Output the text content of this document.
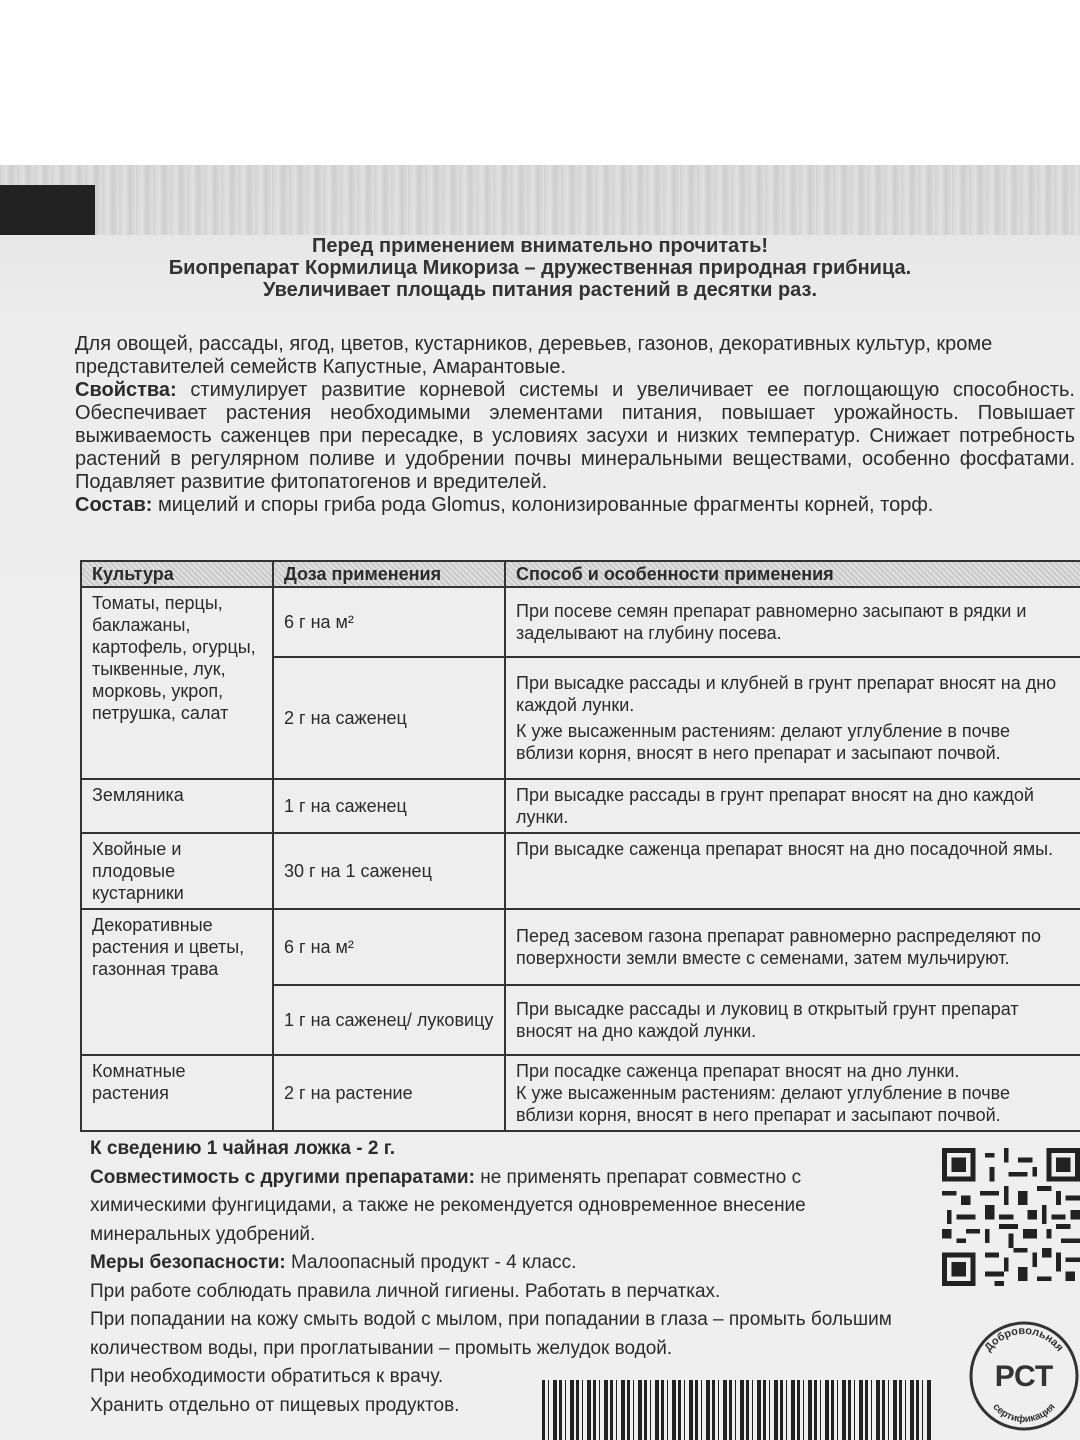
Перед применением внимательно прочитать!
Биопрепарат Кормилица Микориза – дружественная природная грибница.
Увеличивает площадь питания растений в десятки раз.
Для овощей, рассады, ягод, цветов, кустарников, деревьев, газонов, декоративных культур, кроме представителей семейств Капустные, Амарантовые.
Свойства: стимулирует развитие корневой системы и увеличивает ее поглощающую способность. Обеспечивает растения необходимыми элементами питания, повышает урожайность. Повышает выживаемость саженцев при пересадке, в условиях засухи и низких температур. Снижает потребность растений в регулярном поливе и удобрении почвы минеральными веществами, особенно фосфатами. Подавляет развитие фитопатогенов и вредителей.
Состав: мицелий и споры гриба рода Glomus, колонизированные фрагменты корней, торф.
Культура	Доза применения	Способ и особенности применения
Томаты, перцы, баклажаны, картофель, огурцы, тыквенные, лук, морковь, укроп, петрушка, салат	6 г на м²	При посеве семян препарат равномерно засыпают в рядки и заделывают на глубину посева.
	2 г на саженец	При высадке рассады и клубней в грунт препарат вносят на дно каждой лунки.
К уже высаженным растениям: делают углубление в почве вблизи корня, вносят в него препарат и засыпают почвой.

Земляника	1 г на саженец	При высадке рассады в грунт препарат вносят на дно каждой лунки.
Хвойные и плодовые кустарники	30 г на 1 саженец	При высадке саженца препарат вносят на дно посадочной ямы.
Декоративные растения и цветы, газонная трава	6 г на м²	Перед засевом газона препарат равномерно распределяют по поверхности земли вместе с семенами, затем мульчируют.
	1 г на саженец/ луковицу	При высадке рассады и луковиц в открытый грунт препарат вносят на дно каждой лунки.
Комнатные растения	2 г на растение	При посадке саженца препарат вносят на дно лунки.
К уже высаженным растениям: делают углубление в почве вблизи корня, вносят в него препарат и засыпают почвой.
К сведению 1 чайная ложка - 2 г.
Совместимость с другими препаратами: не применять препарат совместно с химическими фунгицидами, а также не рекомендуется одновременное внесение минеральных удобрений.
Меры безопасности: Малоопасный продукт - 4 класс.
При работе соблюдать правила личной гигиены. Работать в перчатках.
При попадании на кожу смыть водой с мылом, при попадании в глаза – промыть большим количеством воды, при проглатывании – промыть желудок водой.
При необходимости обратиться к врачу.
Хранить отдельно от пищевых продуктов.
Добровольная
сертификация
РСТ
